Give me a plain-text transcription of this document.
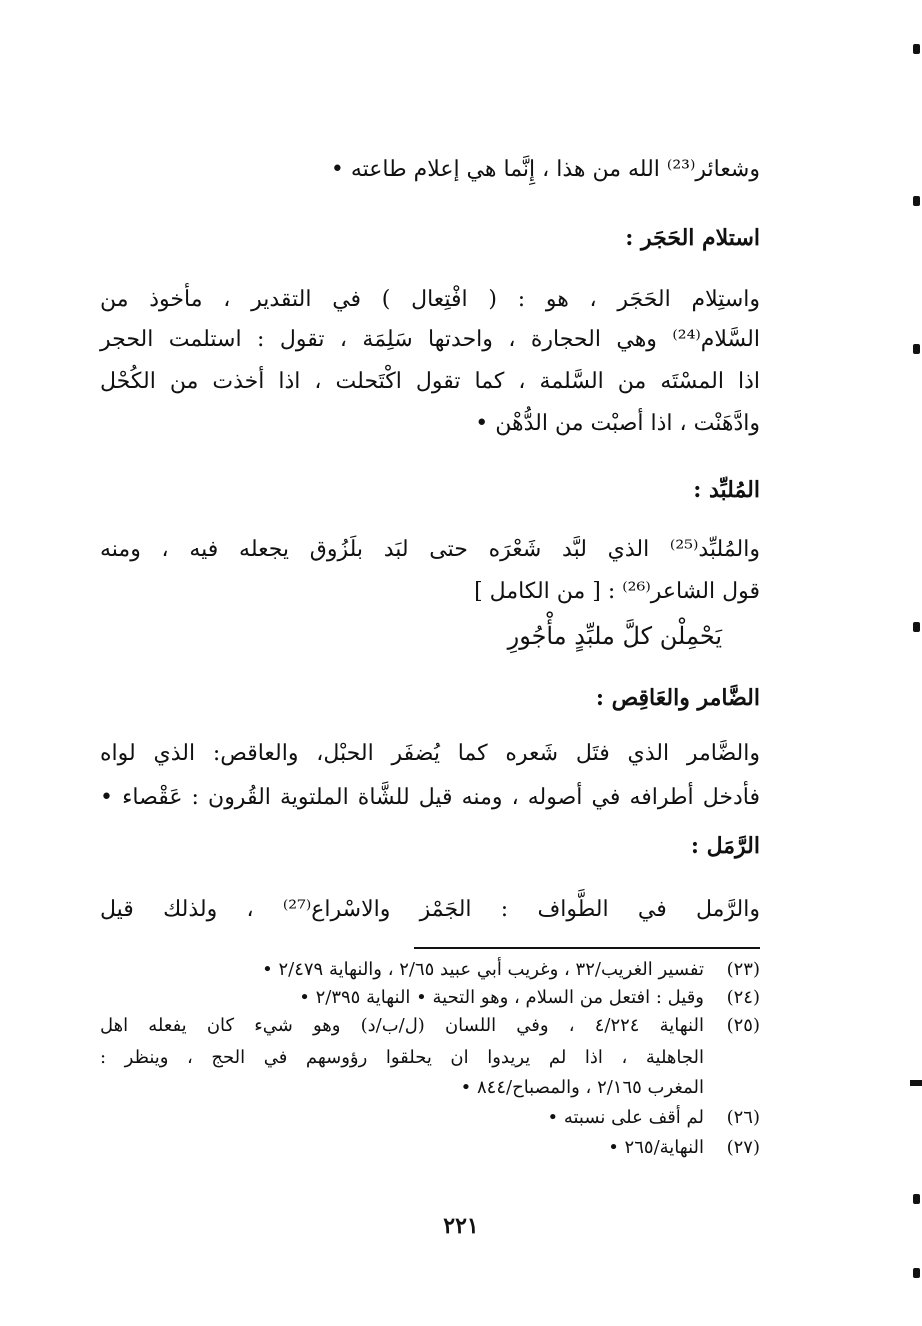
وشعائر⁽²³⁾ الله من هذا ، إِنَّما هي إعلام طاعته •
استلام الحَجَر :
واستِلام الحَجَر ، هو : ( افْتِعال ) في التقدير ، مأخوذ من
السَّلام⁽²⁴⁾ وهي الحجارة ، واحدتها سَلِمَة ، تقول : استلمت الحجر
اذا المسْتَه من السَّلمة ، كما تقول اكْتَحلت ، اذا أخذت من الكُحْل
وادَّهَنْت ، اذا أصبْت من الدُّهْن •
المُلبِّد :
والمُلبِّد⁽²⁵⁾ الذي لبَّد شَعْرَه حتى لبَد بلَزُوق يجعله فيه ، ومنه
قول الشاعر⁽²⁶⁾ : [ من الكامل ]
يَحْمِلْن كلَّ ملبِّدٍ مأْجُورِ
الضَّامر والعَاقِص :
والضَّامر الذي فتَل شَعره كما يُضفَر الحبْل، والعاقص: الذي لواه
فأدخل أطرافه في أصوله ، ومنه قيل للشَّاة الملتوية القُرون : عَقْصاء •
الرَّمَل :
والرَّمل في الطَّواف : الجَمْز والاسْراع⁽²⁷⁾ ، ولذلك قيل
(٢٣)
تفسير الغريب/٣٢ ، وغريب أبي عبيد ٢/٦٥ ، والنهاية ٢/٤٧٩ •
(٢٤)
وقيل : افتعل من السلام ، وهو التحية • النهاية ٢/٣٩٥ •
(٢٥)
النهاية ٤/٢٢٤ ، وفي اللسان (ل/ب/د) وهو شيء كان يفعله اهل
الجاهلية ، اذا لم يريدوا ان يحلقوا رؤوسهم في الحج ، وينظر :
المغرب ٢/١٦٥ ، والمصباح/٨٤٤ •
(٢٦)
لم أقف على نسبته •
(٢٧)
النهاية/٢٦٥ •
٢٢١
